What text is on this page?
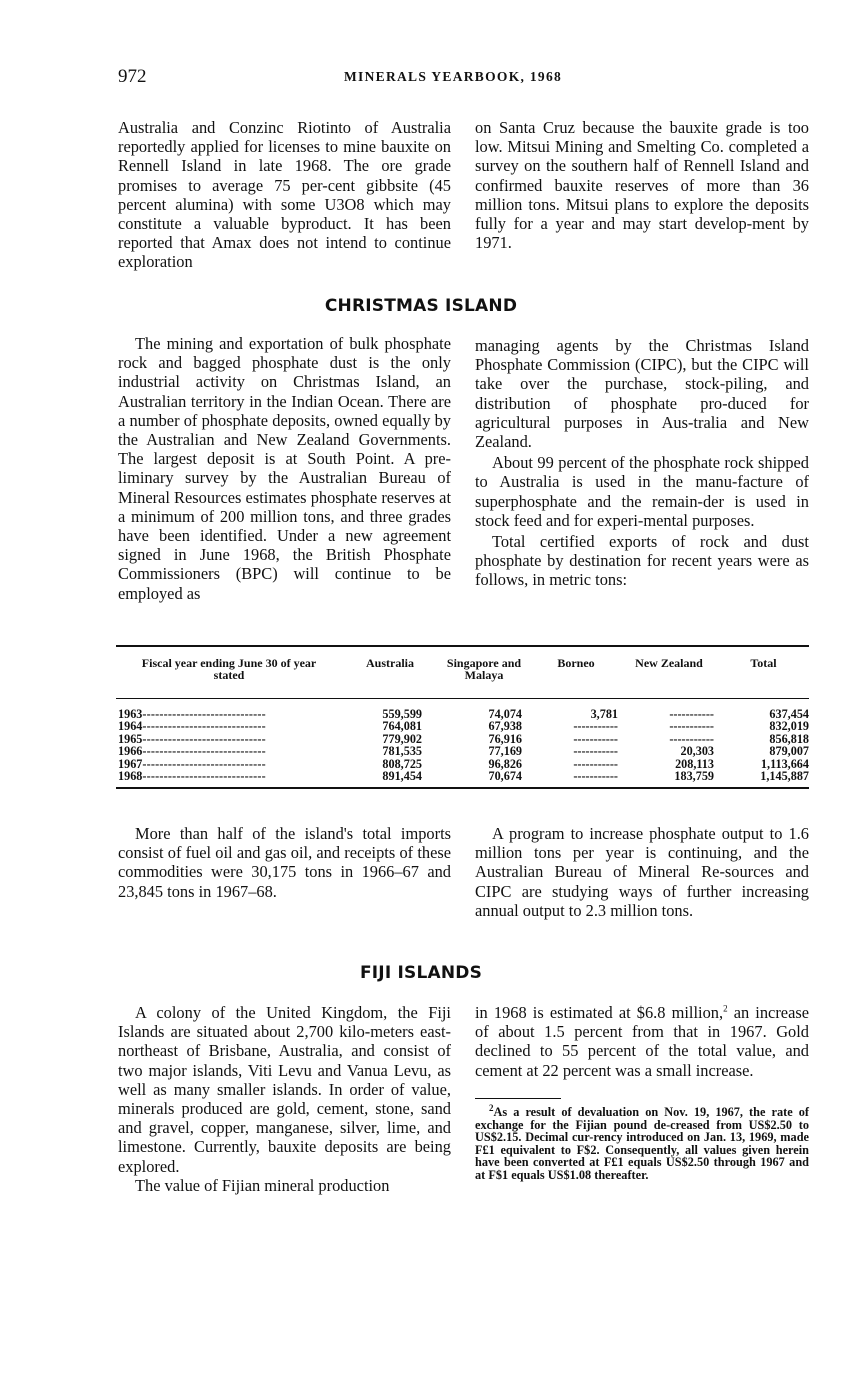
972	MINERALS YEARBOOK, 1968

Australia and Conzinc Riotinto of Australia reportedly applied for licenses to mine bauxite on Rennell Island in late 1968. The ore grade promises to average 75 per-cent gibbsite (45 percent alumina) with some U3O8 which may constitute a valuable byproduct. It has been reported that Amax does not intend to continue exploration

on Santa Cruz because the bauxite grade is too low. Mitsui Mining and Smelting Co. completed a survey on the southern half of Rennell Island and confirmed bauxite reserves of more than 36 million tons. Mitsui plans to explore the deposits fully for a year and may start develop-ment by 1971.

CHRISTMAS ISLAND

The mining and exportation of bulk phosphate rock and bagged phosphate dust is the only industrial activity on Christmas Island, an Australian territory in the Indian Ocean. There are a number of phosphate deposits, owned equally by the Australian and New Zealand Governments. The largest deposit is at South Point. A pre-liminary survey by the Australian Bureau of Mineral Resources estimates phosphate reserves at a minimum of 200 million tons, and three grades have been identified. Under a new agreement signed in June 1968, the British Phosphate Commissioners (BPC) will continue to be employed as

managing agents by the Christmas Island Phosphate Commission (CIPC), but the CIPC will take over the purchase, stock-piling, and distribution of phosphate pro-duced for agricultural purposes in Aus-tralia and New Zealand.

About 99 percent of the phosphate rock shipped to Australia is used in the manu-facture of superphosphate and the remain-der is used in stock feed and for experi-mental purposes.

Total certified exports of rock and dust phosphate by destination for recent years were as follows, in metric tons:

Fiscal year ending June 30 of year stated	Australia	Singapore and Malaya	Borneo	New Zealand	Total
1963-----------------------------	559,599	74,074	3,781	-----------	637,454
1964-----------------------------	764,081	67,938	-----------	-----------	832,019
1965-----------------------------	779,902	76,916	-----------	-----------	856,818
1966-----------------------------	781,535	77,169	-----------	20,303	879,007
1967-----------------------------	808,725	96,826	-----------	208,113	1,113,664
1968-----------------------------	891,454	70,674	-----------	183,759	1,145,887

More than half of the island's total imports consist of fuel oil and gas oil, and receipts of these commodities were 30,175 tons in 1966–67 and 23,845 tons in 1967–68.

A program to increase phosphate output to 1.6 million tons per year is continuing, and the Australian Bureau of Mineral Re-sources and CIPC are studying ways of further increasing annual output to 2.3 million tons.

FIJI ISLANDS

A colony of the United Kingdom, the Fiji Islands are situated about 2,700 kilo-meters east-northeast of Brisbane, Australia, and consist of two major islands, Viti Levu and Vanua Levu, as well as many smaller islands. In order of value, minerals produced are gold, cement, stone, sand and gravel, copper, manganese, silver, lime, and limestone. Currently, bauxite deposits are being explored.

The value of Fijian mineral production

in 1968 is estimated at $6.8 million,$^2$ an increase of about 1.5 percent from that in 1967. Gold declined to 55 percent of the total value, and cement at 22 percent was a small increase.

$^2$As a result of devaluation on Nov. 19, 1967, the rate of exchange for the Fijian pound de-creased from US$2.50 to US$2.15. Decimal cur-rency introduced on Jan. 13, 1969, made F£1 equivalent to F$2. Consequently, all values given herein have been converted at F£1 equals US$2.50 through 1967 and at F$1 equals US$1.08 thereafter.
